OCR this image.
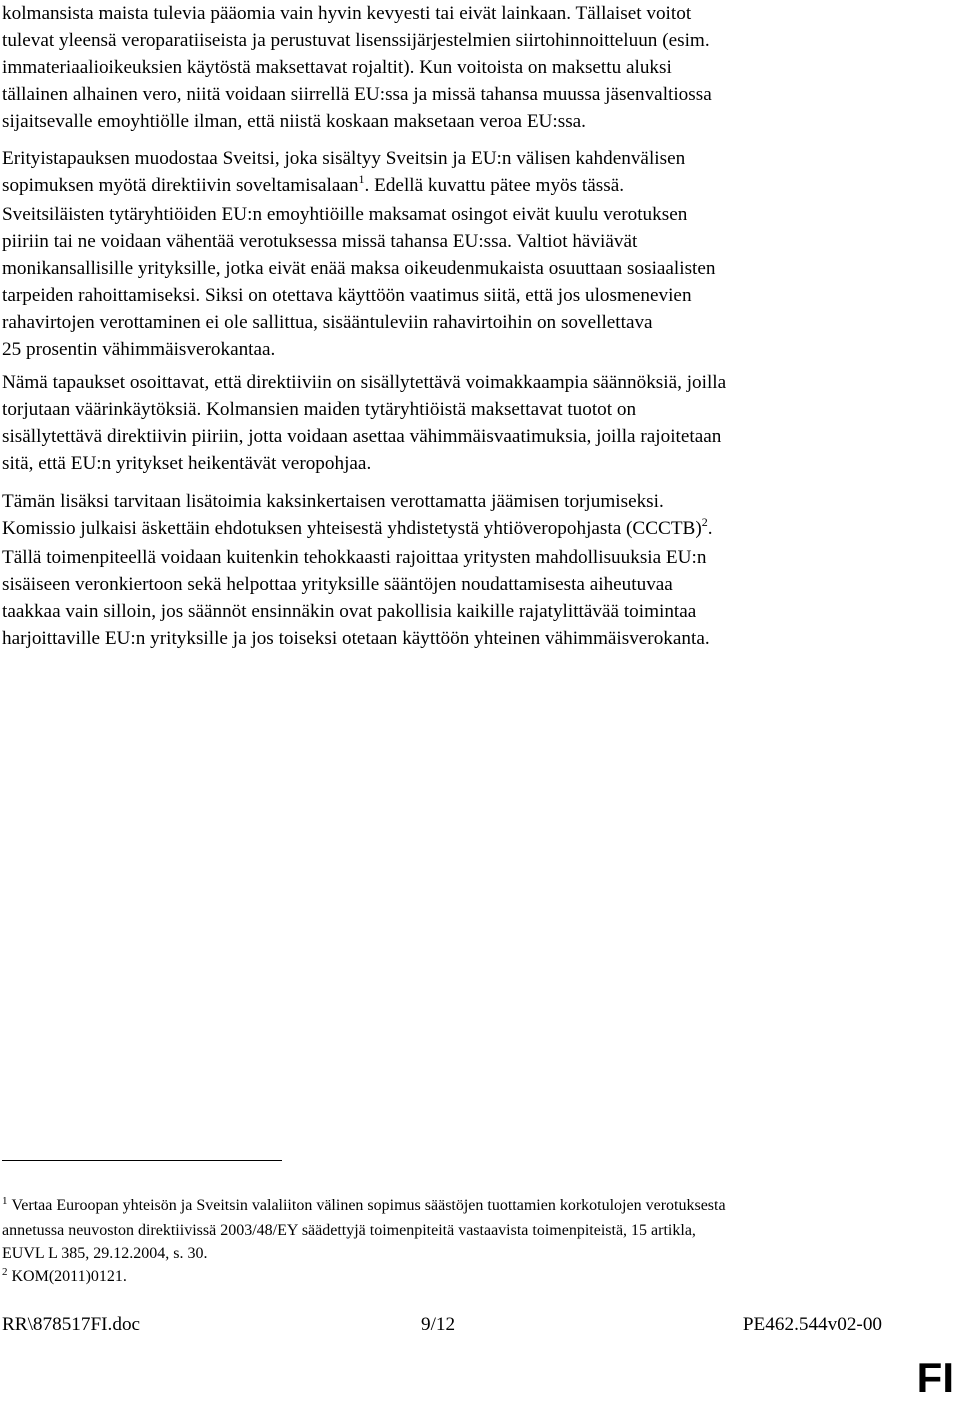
kolmansista maista tulevia pääomia vain hyvin kevyesti tai eivät lainkaan. Tällaiset voitot
tulevat yleensä veroparatiiseista ja perustuvat lisenssijärjestelmien siirtohinnoitteluun (esim.
immateriaalioikeuksien käytöstä maksettavat rojaltit). Kun voitoista on maksettu aluksi
tällainen alhainen vero, niitä voidaan siirrellä EU:ssa ja missä tahansa muussa jäsenvaltiossa
sijaitsevalle emoyhtiölle ilman, että niistä koskaan maksetaan veroa EU:ssa.
Erityistapauksen muodostaa Sveitsi, joka sisältyy Sveitsin ja EU:n välisen kahdenvälisen
sopimuksen myötä direktiivin soveltamisalaan$^1$. Edellä kuvattu pätee myös tässä.
Sveitsiläisten tytäryhtiöiden EU:n emoyhtiöille maksamat osingot eivät kuulu verotuksen
piiriin tai ne voidaan vähentää verotuksessa missä tahansa EU:ssa. Valtiot häviävät
monikansallisille yrityksille, jotka eivät enää maksa oikeudenmukaista osuuttaan sosiaalisten
tarpeiden rahoittamiseksi. Siksi on otettava käyttöön vaatimus siitä, että jos ulosmenevien
rahavirtojen verottaminen ei ole sallittua, sisääntuleviin rahavirtoihin on sovellettava
25 prosentin vähimmäisverokantaa.
Nämä tapaukset osoittavat, että direktiiviin on sisällytettävä voimakkaampia säännöksiä, joilla
torjutaan väärinkäytöksiä. Kolmansien maiden tytäryhtiöistä maksettavat tuotot on
sisällytettävä direktiivin piiriin, jotta voidaan asettaa vähimmäisvaatimuksia, joilla rajoitetaan
sitä, että EU:n yritykset heikentävät veropohjaa.
Tämän lisäksi tarvitaan lisätoimia kaksinkertaisen verottamatta jäämisen torjumiseksi.
Komissio julkaisi äskettäin ehdotuksen yhteisestä yhdistetystä yhtiöveropohjasta (CCCTB)$^2$.
Tällä toimenpiteellä voidaan kuitenkin tehokkaasti rajoittaa yritysten mahdollisuuksia EU:n
sisäiseen veronkiertoon sekä helpottaa yrityksille sääntöjen noudattamisesta aiheutuvaa
taakkaa vain silloin, jos säännöt ensinnäkin ovat pakollisia kaikille rajatylittävää toimintaa
harjoittaville EU:n yrityksille ja jos toiseksi otetaan käyttöön yhteinen vähimmäisverokanta.
$^1$ Vertaa Euroopan yhteisön ja Sveitsin valaliiton välinen sopimus säästöjen tuottamien korkotulojen verotuksesta
annetussa neuvoston direktiivissä 2003/48/EY säädettyjä toimenpiteitä vastaavista toimenpiteistä, 15 artikla,
EUVL L 385, 29.12.2004, s. 30.
$^2$ KOM(2011)0121.
RR\878517FI.doc	9/12	PE462.544v02-00
FI
